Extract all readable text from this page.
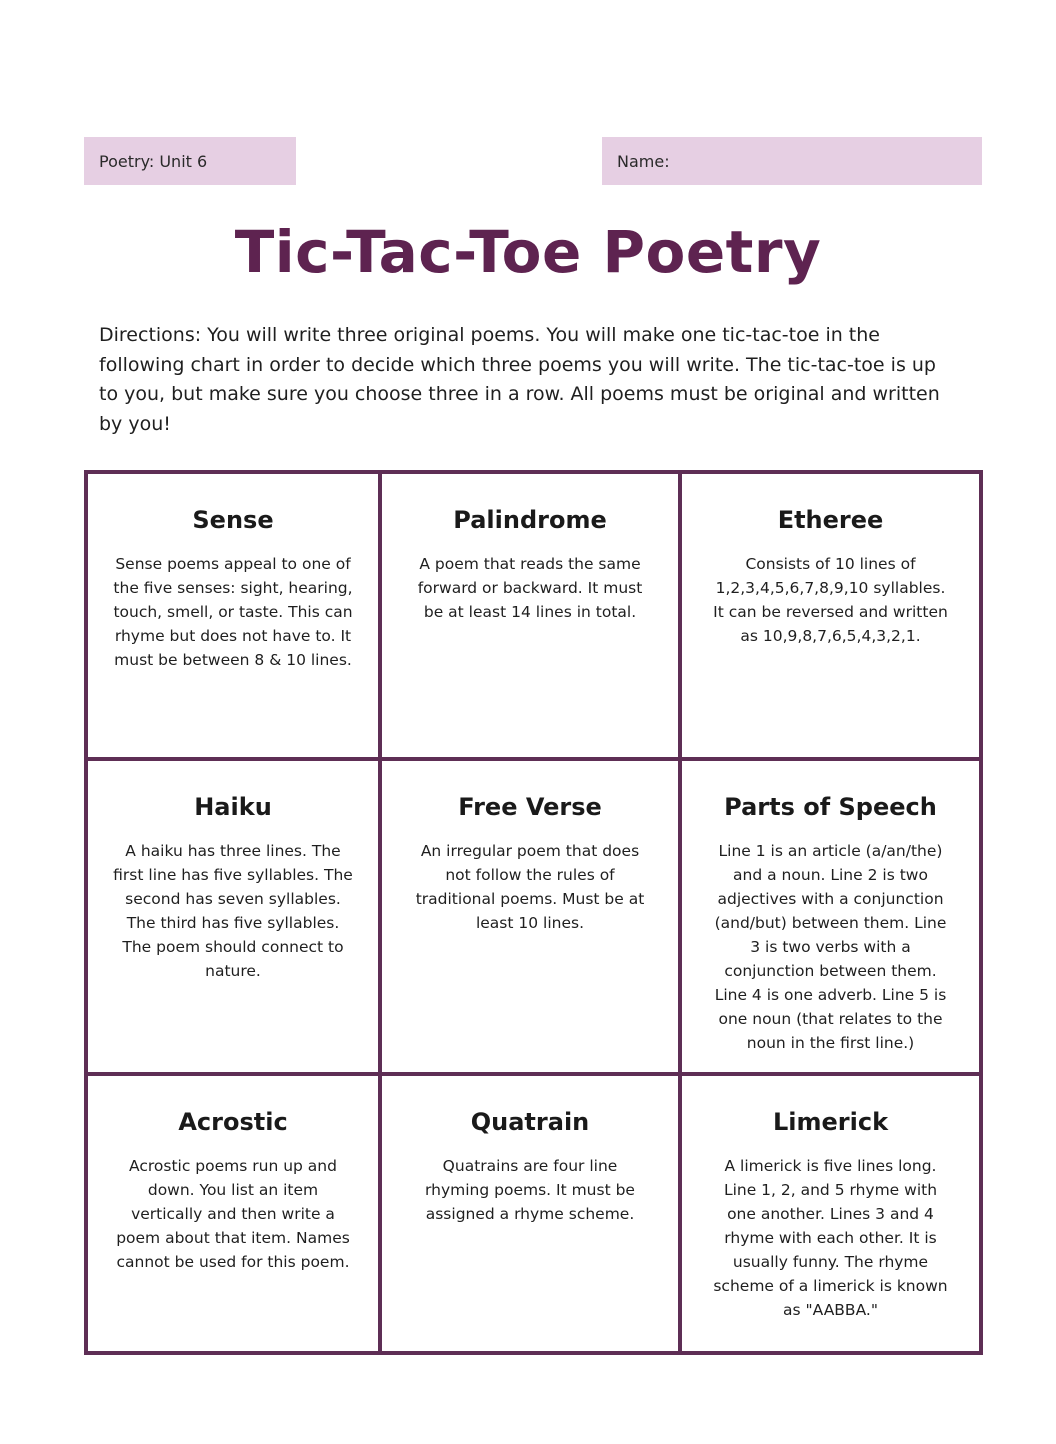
Poetry: Unit 6	Name:
Tic-Tac-Toe Poetry

Directions: You will write three original poems. You will make one tic-tac-toe in the following chart in order to decide which three poems you will write. The tic-tac-toe is up to you, but make sure you choose three in a row. All poems must be original and written by you!

Sense
Sense poems appeal to one of the five senses: sight, hearing, touch, smell, or taste. This can rhyme but does not have to. It must be between 8 & 10 lines.
Palindrome
A poem that reads the same forward or backward. It must be at least 14 lines in total.
Etheree
Consists of 10 lines of 1,2,3,4,5,6,7,8,9,10 syllables. It can be reversed and written as 10,9,8,7,6,5,4,3,2,1.
Haiku
A haiku has three lines. The first line has five syllables. The second has seven syllables. The third has five syllables. The poem should connect to nature.
Free Verse
An irregular poem that does not follow the rules of traditional poems. Must be at least 10 lines.
Parts of Speech
Line 1 is an article (a/an/the) and a noun. Line 2 is two adjectives with a conjunction (and/but) between them. Line 3 is two verbs with a conjunction between them. Line 4 is one adverb. Line 5 is one noun (that relates to the noun in the first line.)
Acrostic
Acrostic poems run up and down. You list an item vertically and then write a poem about that item. Names cannot be used for this poem.
Quatrain
Quatrains are four line rhyming poems. It must be assigned a rhyme scheme.
Limerick
A limerick is five lines long. Line 1, 2, and 5 rhyme with one another. Lines 3 and 4 rhyme with each other. It is usually funny. The rhyme scheme of a limerick is known as "AABBA."
